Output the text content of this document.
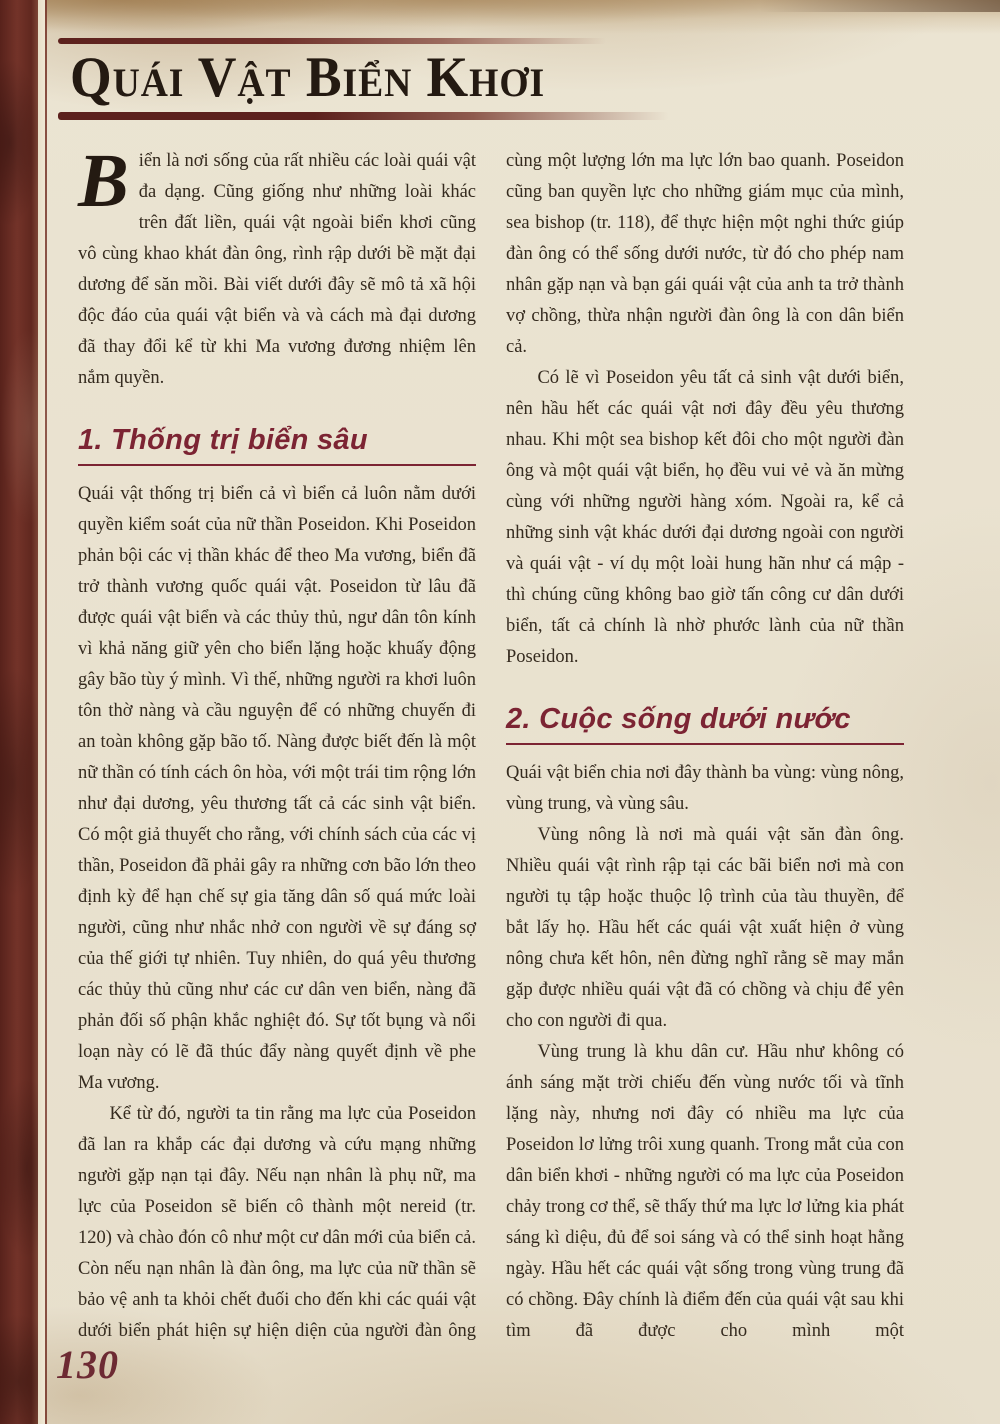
Quái Vật Biển Khơi

Biển là nơi sống của rất nhiều các loài quái vật đa dạng. Cũng giống như những loài khác trên đất liền, quái vật ngoài biển khơi cũng vô cùng khao khát đàn ông, rình rập dưới bề mặt đại dương để săn mồi. Bài viết dưới đây sẽ mô tả xã hội độc đáo của quái vật biển và và cách mà đại dương đã thay đổi kể từ khi Ma vương đương nhiệm lên nắm quyền.

1. Thống trị biển sâu

Quái vật thống trị biển cả vì biển cả luôn nằm dưới quyền kiểm soát của nữ thần Poseidon. Khi Poseidon phản bội các vị thần khác để theo Ma vương, biển đã trở thành vương quốc quái vật. Poseidon từ lâu đã được quái vật biển và các thủy thủ, ngư dân tôn kính vì khả năng giữ yên cho biển lặng hoặc khuấy động gây bão tùy ý mình. Vì thế, những người ra khơi luôn tôn thờ nàng và cầu nguyện để có những chuyến đi an toàn không gặp bão tố. Nàng được biết đến là một nữ thần có tính cách ôn hòa, với một trái tim rộng lớn như đại dương, yêu thương tất cả các sinh vật biển. Có một giả thuyết cho rằng, với chính sách của các vị thần, Poseidon đã phải gây ra những cơn bão lớn theo định kỳ để hạn chế sự gia tăng dân số quá mức loài người, cũng như nhắc nhở con người về sự đáng sợ của thế giới tự nhiên. Tuy nhiên, do quá yêu thương các thủy thủ cũng như các cư dân ven biển, nàng đã phản đối số phận khắc nghiệt đó. Sự tốt bụng và nổi loạn này có lẽ đã thúc đẩy nàng quyết định về phe Ma vương.

Kể từ đó, người ta tin rằng ma lực của Poseidon đã lan ra khắp các đại dương và cứu mạng những người gặp nạn tại đây. Nếu nạn nhân là phụ nữ, ma lực của Poseidon sẽ biến cô thành một nereid (tr. 120) và chào đón cô như một cư dân mới của biển cả. Còn nếu nạn nhân là đàn ông, ma lực của nữ thần sẽ bảo vệ anh ta khỏi chết đuối cho đến khi các quái vật dưới biển phát hiện sự hiện diện của người đàn ông

cùng một lượng lớn ma lực lớn bao quanh. Poseidon cũng ban quyền lực cho những giám mục của mình, sea bishop (tr. 118), để thực hiện một nghi thức giúp đàn ông có thể sống dưới nước, từ đó cho phép nam nhân gặp nạn và bạn gái quái vật của anh ta trở thành vợ chồng, thừa nhận người đàn ông là con dân biển cả.

Có lẽ vì Poseidon yêu tất cả sinh vật dưới biển, nên hầu hết các quái vật nơi đây đều yêu thương nhau. Khi một sea bishop kết đôi cho một người đàn ông và một quái vật biển, họ đều vui vẻ và ăn mừng cùng với những người hàng xóm. Ngoài ra, kể cả những sinh vật khác dưới đại dương ngoài con người và quái vật - ví dụ một loài hung hãn như cá mập - thì chúng cũng không bao giờ tấn công cư dân dưới biển, tất cả chính là nhờ phước lành của nữ thần Poseidon.

2. Cuộc sống dưới nước

Quái vật biển chia nơi đây thành ba vùng: vùng nông, vùng trung, và vùng sâu.

Vùng nông là nơi mà quái vật săn đàn ông. Nhiều quái vật rình rập tại các bãi biển nơi mà con người tụ tập hoặc thuộc lộ trình của tàu thuyền, để bắt lấy họ. Hầu hết các quái vật xuất hiện ở vùng nông chưa kết hôn, nên đừng nghĩ rằng sẽ may mắn gặp được nhiều quái vật đã có chồng và chịu để yên cho con người đi qua.

Vùng trung là khu dân cư. Hầu như không có ánh sáng mặt trời chiếu đến vùng nước tối và tĩnh lặng này, nhưng nơi đây có nhiều ma lực của Poseidon lơ lửng trôi xung quanh. Trong mắt của con dân biển khơi - những người có ma lực của Poseidon chảy trong cơ thể, sẽ thấy thứ ma lực lơ lửng kia phát sáng kì diệu, đủ để soi sáng và có thể sinh hoạt hằng ngày. Hầu hết các quái vật sống trong vùng trung đã có chồng. Đây chính là điểm đến của quái vật sau khi tìm đã được cho mình một

130
